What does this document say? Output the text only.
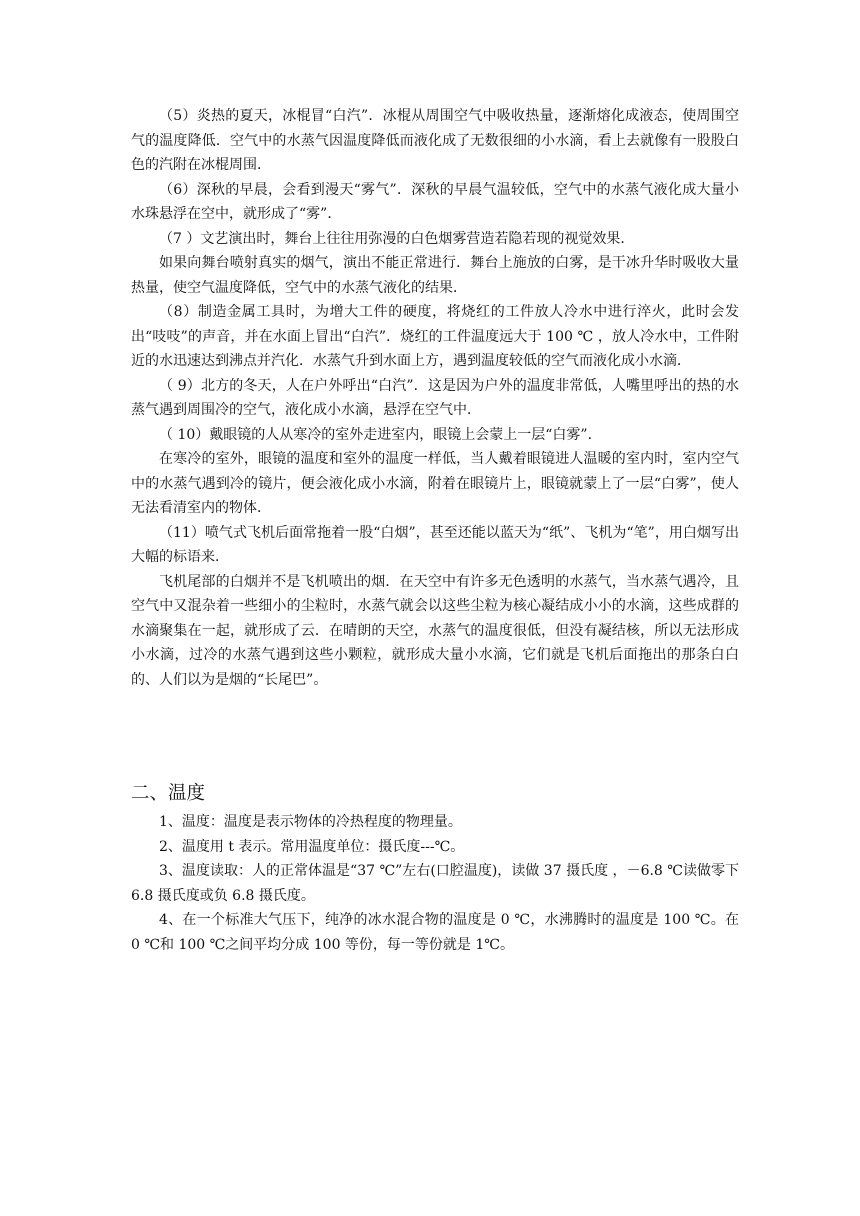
（5）炎热的夏天，冰棍冒“白汽”．冰棍从周围空气中吸收热量，逐渐熔化成液态，使周围空气的温度降低．空气中的水蒸气因温度降低而液化成了无数很细的小水滴，看上去就像有一股股白色的汽附在冰棍周围．

（6）深秋的早晨，会看到漫天“雾气”．深秋的早晨气温较低，空气中的水蒸气液化成大量小水珠悬浮在空中，就形成了“雾”．

（7 ）文艺演出时，舞台上往往用弥漫的白色烟雾营造若隐若现的视觉效果．

如果向舞台喷射真实的烟气，演出不能正常进行．舞台上施放的白雾，是干冰升华时吸收大量热量，使空气温度降低，空气中的水蒸气液化的结果．

（8）制造金属工具时，为增大工件的硬度，将烧红的工件放人冷水中进行淬火，此时会发出“吱吱”的声音，并在水面上冒出“白汽”．烧红的工件温度远大于 100 ℃ ，放人冷水中，工件附近的水迅速达到沸点并汽化．水蒸气升到水面上方，遇到温度较低的空气而液化成小水滴．

（ 9）北方的冬天，人在户外呼出“白汽”．这是因为户外的温度非常低，人嘴里呼出的热的水蒸气遇到周围冷的空气，液化成小水滴，悬浮在空气中．

（ 10）戴眼镜的人从寒冷的室外走进室内，眼镜上会蒙上一层“白雾”．

在寒冷的室外，眼镜的温度和室外的温度一样低，当人戴着眼镜进人温暖的室内时，室内空气中的水蒸气遇到冷的镜片，便会液化成小水滴，附着在眼镜片上，眼镜就蒙上了一层“白雾”，使人无法看清室内的物体．

（11）喷气式飞机后面常拖着一股“白烟”，甚至还能以蓝天为“纸”、飞机为“笔”，用白烟写出大幅的标语来．

飞机尾部的白烟并不是飞机喷出的烟．在天空中有许多无色透明的水蒸气，当水蒸气遇冷，且空气中又混杂着一些细小的尘粒时，水蒸气就会以这些尘粒为核心凝结成小小的水滴，这些成群的水滴聚集在一起，就形成了云．在晴朗的天空，水蒸气的温度很低，但没有凝结核，所以无法形成小水滴，过冷的水蒸气遇到这些小颗粒，就形成大量小水滴，它们就是飞机后面拖出的那条白白的、人们以为是烟的“长尾巴”。

二、温度

1、温度：温度是表示物体的冷热程度的物理量。

2、温度用 t 表示。常用温度单位：摄氏度---℃。

3、温度读取：人的正常体温是“37 ℃”左右(口腔温度)，读做 37 摄氏度 ，－6.8 ℃读做零下 6.8 摄氏度或负 6.8 摄氏度。

4、在一个标准大气压下，纯净的冰水混合物的温度是 0 ℃，水沸腾时的温度是 100 ℃。在 0 ℃和 100 ℃之间平均分成 100 等份，每一等份就是 1℃。
